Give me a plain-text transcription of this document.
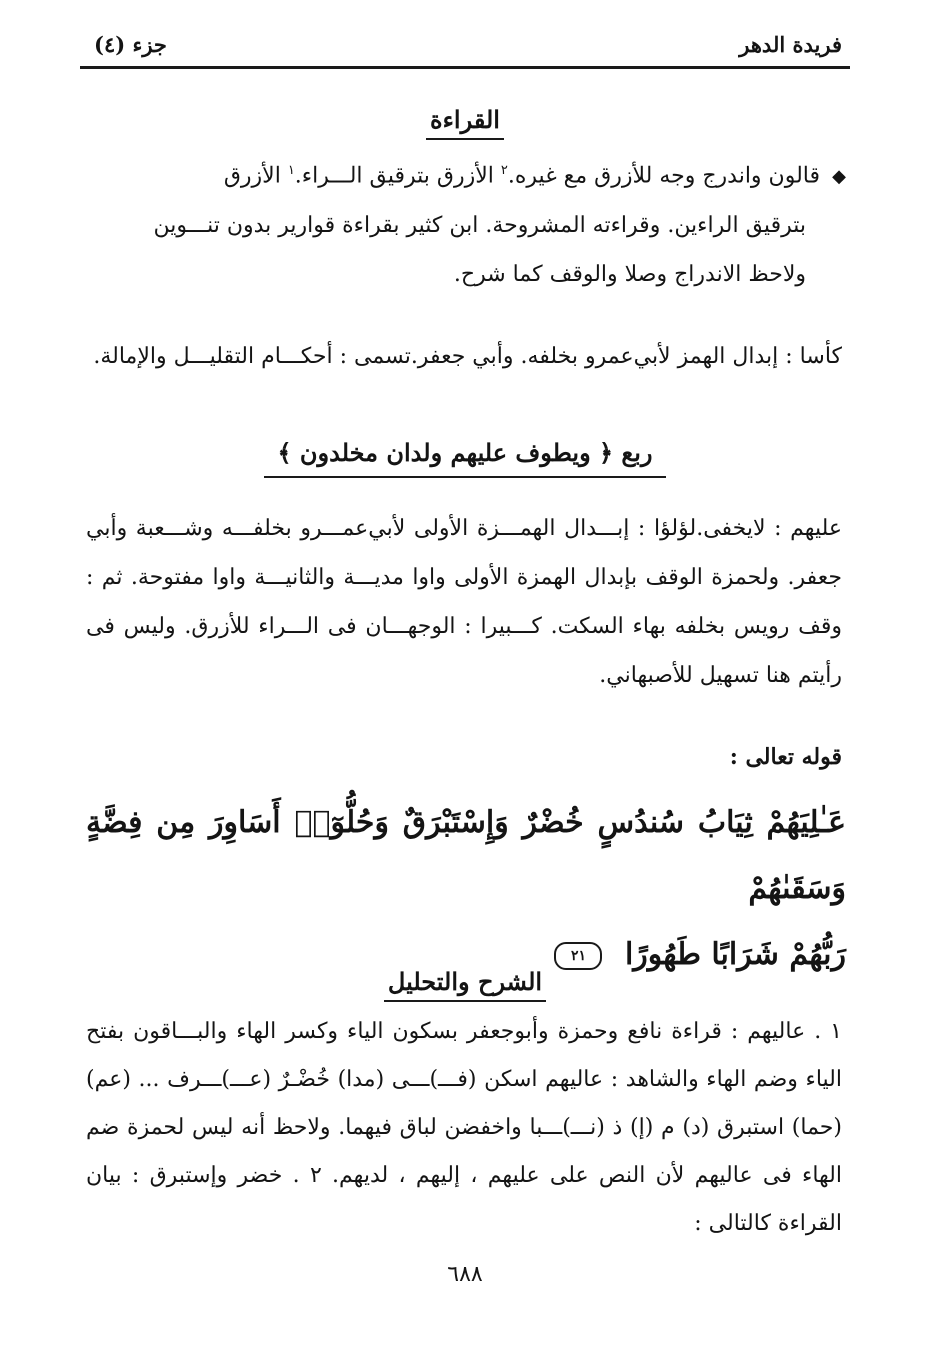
فريدة الدهر
جزء (٤)
القراءة
◆قالون واندرج وجه للأزرق مع غيره.$^٢$ الأزرق بترقيق الـــراء.$^١$ الأزرق
بترقيق الراءين. وقراءته المشروحة. ابن كثير بقراءة قوارير بدون تنـــوين
ولاحظ الاندراج وصلا والوقف كما شرح.
كأسا : إبدال الهمز لأبي‌عمرو بخلفه. وأبي جعفر.تسمى : أحكـــام التقليـــل والإمالة.
ربع ﴿ ويطوف عليهم ولدان مخلدون ﴾
عليهم : لايخفى.لؤلؤا : إبـــدال الهمـــزة الأولى لأبي‌عمـــرو بخلفـــه وشـــعبة وأبي جعفر. ولحمزة الوقف بإبدال الهمزة الأولى واوا مديـــة والثانيـــة واوا مفتوحة. ثم : وقف رويس بخلفه بهاء السكت. كـــبيرا : الوجهـــان فى الـــراء للأزرق. وليس فى رأيتم هنا تسهيل للأصبهاني.
قوله تعالى :
عَـٰلِيَهُمْ ثِيَابُ سُندُسٍ خُضْرٌ وَإِسْتَبْرَقٌ وَحُلُّوٓا۟ أَسَاوِرَ مِن فِضَّةٍ وَسَقَىٰهُمْ
رَبُّهُمْ شَرَابًا طَهُورًا ٢١
الشرح والتحليل
١ . عاليهم : قراءة نافع وحمزة وأبوجعفر بسكون الياء وكسر الهاء والبـــاقون بفتح الياء وضم الهاء والشاهد : عاليهم اسكن (فـــ)ـــى (مدا) خُضْـرٌ (عـــ)ـــرف ... (عم) (حما) استبرق (د) م (إ) ذ (نـــ)ـــبا واخفضن لباق فيهما. ولاحظ أنه ليس لحمزة ضم الهاء فى عاليهم لأن النص على عليهم ، إليهم ، لديهم. ٢ . خضر وإستبرق : بيان القراءة كالتالى :
٦٨٨
